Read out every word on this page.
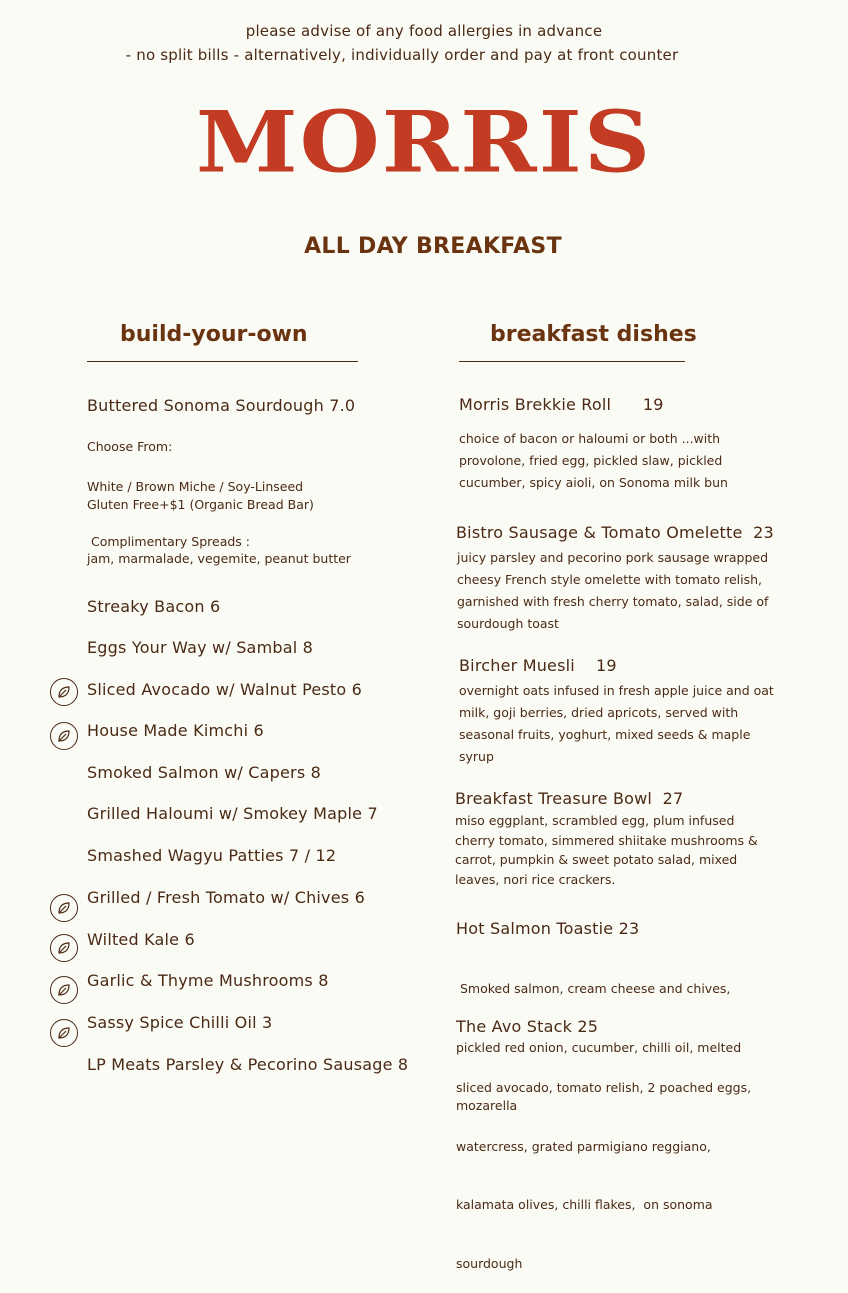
please advise of any food allergies in advance
- no split bills - alternatively, individually order and pay at front counter
MORRIS
ALL DAY BREAKFAST
build-your-own	breakfast dishes
Buttered Sonoma Sourdough 7.0
Choose From:
White / Brown Miche / Soy-Linseed
Gluten Free+$1 (Organic Bread Bar)
Complimentary Spreads :
jam, marmalade, vegemite, peanut butter
Streaky Bacon 6
Eggs Your Way w/ Sambal 8
Sliced Avocado w/ Walnut Pesto 6
House Made Kimchi 6
Smoked Salmon w/ Capers 8
Grilled Haloumi w/ Smokey Maple 7
Smashed Wagyu Patties 7 / 12
Grilled / Fresh Tomato w/ Chives 6
Wilted Kale 6
Garlic & Thyme Mushrooms 8
Sassy Spice Chilli Oil 3
LP Meats Parsley & Pecorino Sausage 8
Morris Brekkie Roll      19
choice of bacon or haloumi or both ...with
provolone, fried egg, pickled slaw, pickled
cucumber, spicy aioli, on Sonoma milk bun
Bistro Sausage & Tomato Omelette  23
juicy parsley and pecorino pork sausage wrapped
cheesy French style omelette with tomato relish,
garnished with fresh cherry tomato, salad, side of
sourdough toast
Bircher Muesli    19
overnight oats infused in fresh apple juice and oat
milk, goji berries, dried apricots, served with
seasonal fruits, yoghurt, mixed seeds & maple
syrup
Breakfast Treasure Bowl  27
miso eggplant, scrambled egg, plum infused
cherry tomato, simmered shiitake mushrooms &
carrot, pumpkin & sweet potato salad, mixed
leaves, nori rice crackers.
Hot Salmon Toastie 23

Smoked salmon, cream cheese and chives,

pickled red onion, cucumber, chilli oil, melted

mozarella

The Avo Stack 25

sliced avocado, tomato relish, 2 poached eggs,

watercress, grated parmigiano reggiano,

kalamata olives, chilli flakes,  on sonoma

sourdough
